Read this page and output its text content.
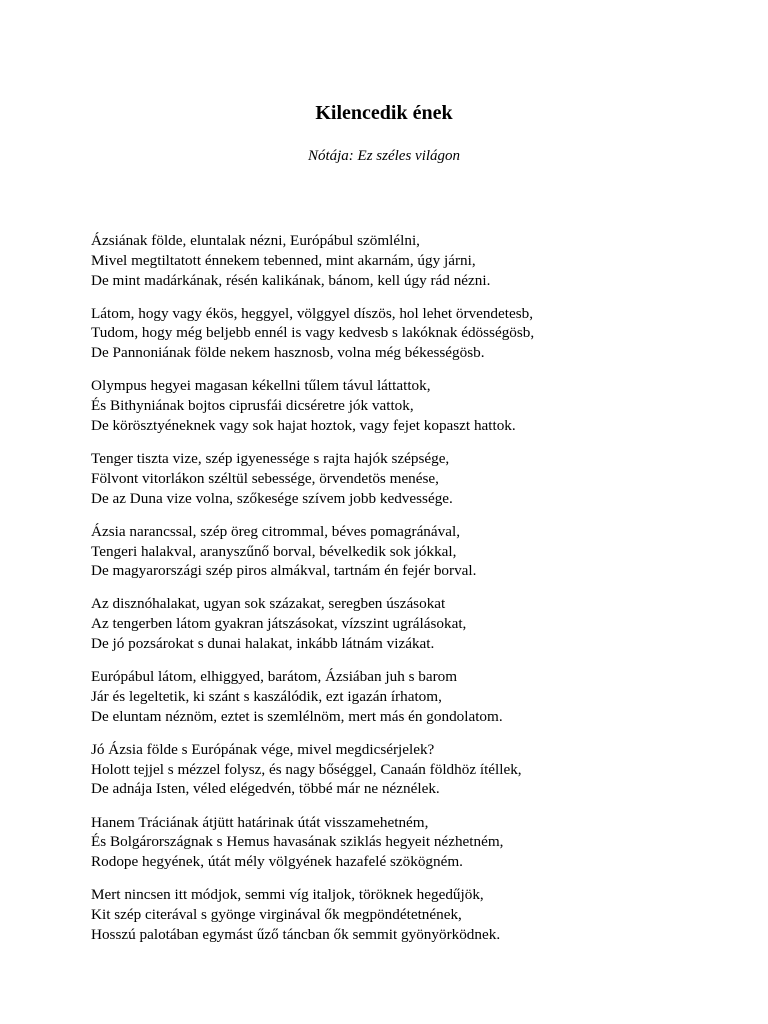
Kilencedik ének

Nótája: Ez széles világon

Ázsiának földe, eluntalak nézni, Európábul szömlélni,
Mivel megtiltatott énnekem tebenned, mint akarnám, úgy járni,
De mint madárkának, résén kalikának, bánom, kell úgy rád nézni.
Látom, hogy vagy ékös, heggyel, völggyel díszös, hol lehet örvendetesb,
Tudom, hogy még beljebb ennél is vagy kedvesb s lakóknak édösségösb,
De Pannoniának földe nekem hasznosb, volna még békességösb.
Olympus hegyei magasan kékellni tűlem távul láttattok,
És Bithyniának bojtos ciprusfái dicséretre jók vattok,
De körösztyéneknek vagy sok hajat hoztok, vagy fejet kopaszt hattok.
Tenger tiszta vize, szép igyenessége s rajta hajók szépsége,
Fölvont vitorlákon széltül sebessége, örvendetös menése,
De az Duna vize volna, szőkesége szívem jobb kedvessége.
Ázsia narancssal, szép öreg citrommal, béves pomagránával,
Tengeri halakval, aranyszűnő borval, bévelkedik sok jókkal,
De magyarországi szép piros almákval, tartnám én fejér borval.
Az disznóhalakat, ugyan sok százakat, seregben úszásokat
Az tengerben látom gyakran játszásokat, vízszint ugrálásokat,
De jó pozsárokat s dunai halakat, inkább látnám vizákat.
Európábul látom, elhiggyed, barátom, Ázsiában juh s barom
Jár és legeltetik, ki szánt s kaszálódik, ezt igazán írhatom,
De eluntam néznöm, eztet is szemlélnöm, mert más én gondolatom.
Jó Ázsia földe s Európának vége, mivel megdicsérjelek?
Holott tejjel s mézzel folysz, és nagy bőséggel, Canaán földhöz ítéllek,
De adnája Isten, véled elégedvén, többé már ne néznélek.
Hanem Tráciának átjütt határinak útát visszamehetném,
És Bolgárországnak s Hemus havasának sziklás hegyeit nézhetném,
Rodope hegyének, útát mély völgyének hazafelé szökögném.
Mert nincsen itt módjok, semmi víg italjok, töröknek hegedűjök,
Kit szép citerával s gyönge virginával ők megpöndétetnének,
Hosszú palotában egymást űző táncban ők semmit gyönyörködnek.
